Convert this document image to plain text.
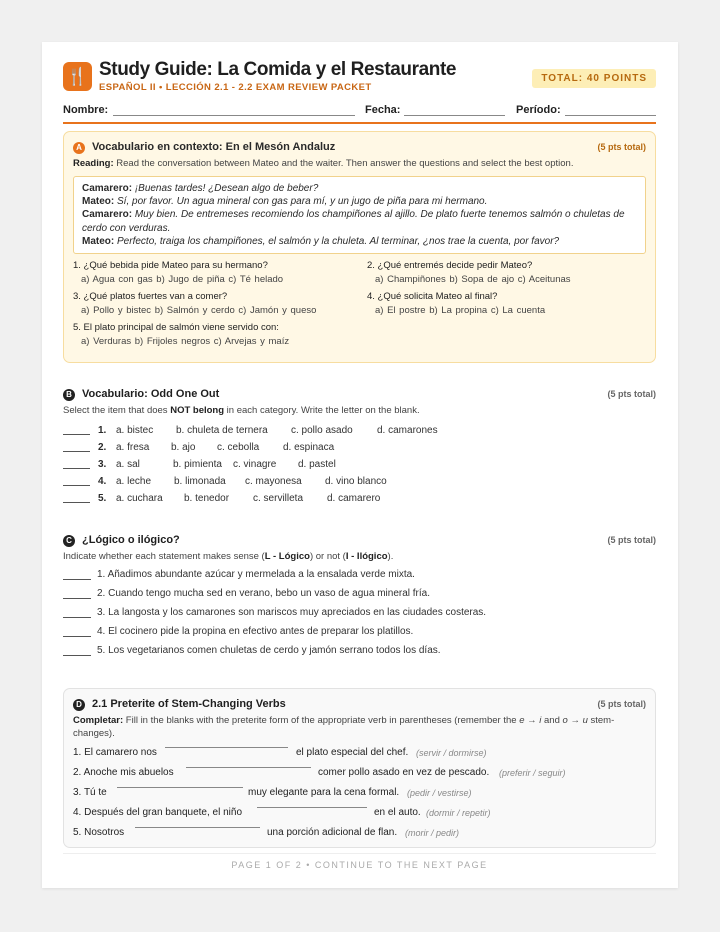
🍴 Study Guide: La Comida y el Restaurante
ESPAÑOL II • LECCIÓN 2.1 - 2.2 EXAM REVIEW PACKET
TOTAL: 40 POINTS
Nombre:	Fecha:	Período:
A Vocabulario en contexto: En el Mesón Andaluz	(5 pts total)
Reading: Read the conversation between Mateo and the waiter. Then answer the questions and select the best option.
Camarero: ¡Buenas tardes! ¿Desean algo de beber?
Mateo: Sí, por favor. Un agua mineral con gas para mí, y un jugo de piña para mi hermano.
Camarero: Muy bien. De entremeses recomiendo los champiñones al ajillo. De plato fuerte tenemos salmón o chuletas de cerdo con verduras.
Mateo: Perfecto, traiga los champiñones, el salmón y la chuleta. Al terminar, ¿nos trae la cuenta, por favor?
1. ¿Qué bebida pide Mateo para su hermano?
a) Agua con gas b) Jugo de piña c) Té helado
2. ¿Qué entremés decide pedir Mateo?
a) Champiñones b) Sopa de ajo c) Aceitunas
3. ¿Qué platos fuertes van a comer?
a) Pollo y bistec b) Salmón y cerdo c) Jamón y queso
4. ¿Qué solicita Mateo al final?
a) El postre b) La propina c) La cuenta
5. El plato principal de salmón viene servido con:
a) Verduras b) Frijoles negros c) Arvejas y maíz
B Vocabulario: Odd One Out	(5 pts total)
Select the item that does NOT belong in each category. Write the letter on the blank.
1. a. bistec b. chuleta de ternera c. pollo asado d. camarones
2. a. fresa b. ajo c. cebolla d. espinaca
3. a. sal	b. pimienta c. vinagre d. pastel
4. a. leche b. limonada c. mayonesa d. vino blanco
5. a. cuchara b. tenedor c. servilleta d. camarero
C ¿Lógico o ilógico?	(5 pts total)
Indicate whether each statement makes sense (L - Lógico) or not (I - Ilógico).
1. Añadimos abundante azúcar y mermelada a la ensalada verde mixta.
2. Cuando tengo mucha sed en verano, bebo un vaso de agua mineral fría.
3. La langosta y los camarones son mariscos muy apreciados en las ciudades costeras.
4. El cocinero pide la propina en efectivo antes de preparar los platillos.
5. Los vegetarianos comen chuletas de cerdo y jamón serrano todos los días.
D 2.1 Preterite of Stem-Changing Verbs	(5 pts total)
Completar: Fill in the blanks with the preterite form of the appropriate verb in parentheses (remember the e → i and o → u stem-changes).
1. El camarero nos	el plato especial del chef. (servir / dormirse)
2. Anoche mis abuelos	comer pollo asado en vez de pescado. (preferir / seguir)
3. Tú te	muy elegante para la cena formal. (pedir / vestirse)
4. Después del gran banquete, el niño	en el auto. (dormir / repetir)
5. Nosotros	una porción adicional de flan. (morir / pedir)
PAGE 1 OF 2 • CONTINUE TO THE NEXT PAGE
